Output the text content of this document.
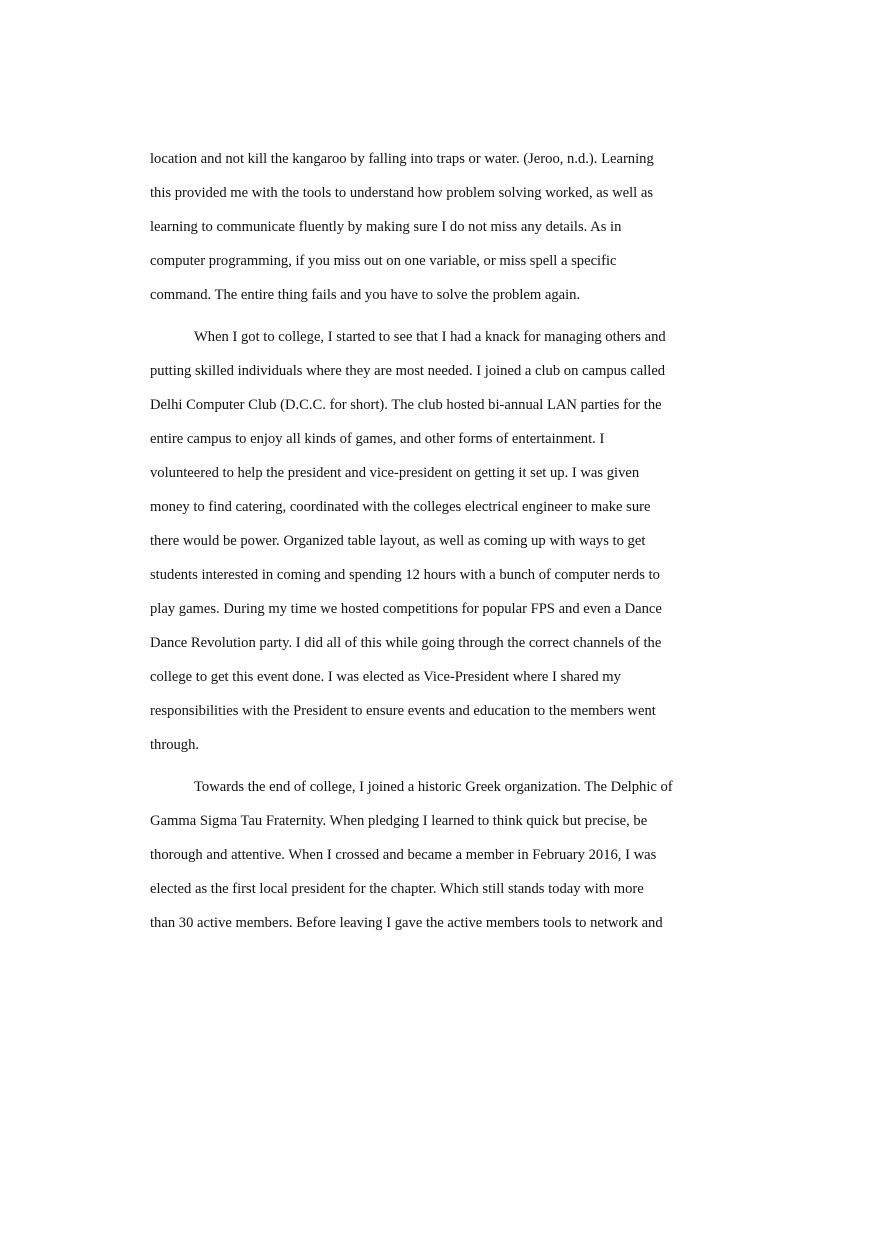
location and not kill the kangaroo by falling into traps or water. (Jeroo, n.d.). Learning
this provided me with the tools to understand how problem solving worked, as well as
learning to communicate fluently by making sure I do not miss any details. As in
computer programming, if you miss out on one variable, or miss spell a specific
command. The entire thing fails and you have to solve the problem again.
When I got to college, I started to see that I had a knack for managing others and
putting skilled individuals where they are most needed. I joined a club on campus called
Delhi Computer Club (D.C.C. for short). The club hosted bi-annual LAN parties for the
entire campus to enjoy all kinds of games, and other forms of entertainment. I
volunteered to help the president and vice-president on getting it set up. I was given
money to find catering, coordinated with the colleges electrical engineer to make sure
there would be power. Organized table layout, as well as coming up with ways to get
students interested in coming and spending 12 hours with a bunch of computer nerds to
play games. During my time we hosted competitions for popular FPS and even a Dance
Dance Revolution party. I did all of this while going through the correct channels of the
college to get this event done. I was elected as Vice-President where I shared my
responsibilities with the President to ensure events and education to the members went
through.
Towards the end of college, I joined a historic Greek organization. The Delphic of
Gamma Sigma Tau Fraternity. When pledging I learned to think quick but precise, be
thorough and attentive. When I crossed and became a member in February 2016, I was
elected as the first local president for the chapter. Which still stands today with more
than 30 active members. Before leaving I gave the active members tools to network and
